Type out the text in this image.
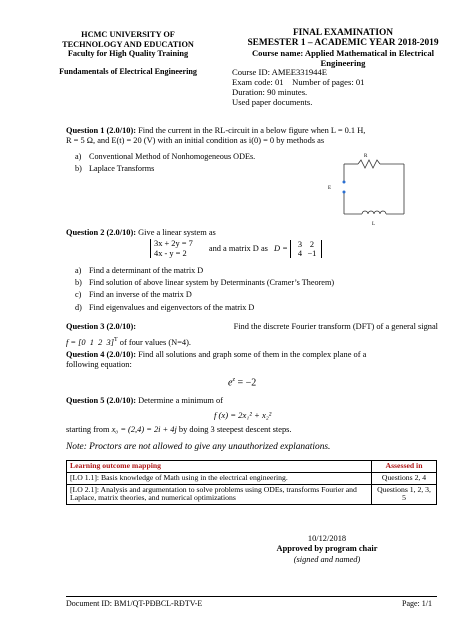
HCMC UNIVERSITY OF
TECHNOLOGY AND EDUCATION
Faculty for High Quality Training
Fundamentals of Electrical Engineering
FINAL EXAMINATION
SEMESTER 1 – ACADEMIC YEAR 2018-2019
Course name: Applied Mathematical in Electrical
Engineering
Course ID: AMEE331944E
Exam code: 01    Number of pages: 01
Duration: 90 minutes.
Used paper documents.
Question 1 (2.0/10): Find the current in the RL-circuit in a below figure when L = 0.1 H,
R = 5 Ω, and E(t) = 20 (V) with an initial condition as i(0) = 0 by methods as
a) Conventional Method of Nonhomogeneous ODEs.
b) Laplace Transforms
R
E
L
Question 2 (2.0/10): Give a linear system as
3x + 2y = 7
4x - y = 2
and a matrix D as D =	3 2
4 −1
a) Find a determinant of the matrix D
b) Find solution of above linear system by Determinants (Cramer’s Theorem)
c) Find an inverse of the matrix D
d) Find eigenvalues and eigenvectors of the matrix D
Question 3 (2.0/10):	Find the discrete Fourier transform (DFT) of a general signal
f = [0  1  2  3]$^T$ of four values (N=4).
Question 4 (2.0/10): Find all solutions and graph some of them in the complex plane of a
following equation:
$e^z = -2$
Question 5 (2.0/10): Determine a minimum of
f (x) = 2x₁² + x₂²
starting from x₀ = (2,4) = 2i + 4j by doing 3 steepest descent steps.
Note: Proctors are not allowed to give any unauthorized explanations.
Learning outcome mapping	Assessed in
[LO 1.1]: Basis knowledge of Math using in the electrical engineering.	Questions 2, 4
[LO 2.1]: Analysis and argumentation to solve problems using ODEs, transforms Fourier and Laplace, matrix theories, and numerical optimizations	Questions 1, 2, 3, 5
10/12/2018
Approved by program chair
(signed and named)
Document ID: BM1/QT-PĐBCL-RĐTV-E	Page: 1/1
